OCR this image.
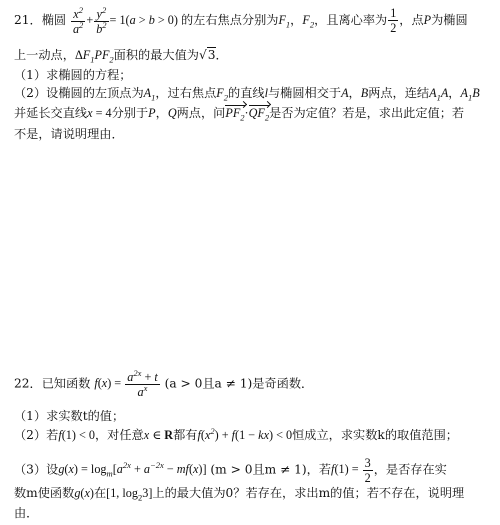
21．椭圆 $\frac{x^2}{a^2} + \frac{y^2}{b^2} = 1(a > b > 0)$ 的左右焦点分别为$F_1$，$F_2$，且离心率为 $\frac{1}{2}$ ，点P为椭圆
上一动点，$\Delta F_1PF_2$面积的最大值为√3．
（1）求椭圆的方程；
（2）设椭圆的左顶点为$A_1$，过右焦点$F_2$的直线l与椭圆相交于A，B两点，连结$A_1A$，$A_1B$
并延长交直线x = 4分别于P，Q两点，问$PF_2\cdot QF_2$是否为定值？若是，求出此定值；若
不是，请说明理由．
22．已知函数 $f(x) = \frac{a^{2x} + t}{a^x} (a > 0$且a ≠ 1)是奇函数．
（1）求实数t的值；
（2）若f(1) < 0，对任意x ∈ R都有$f(x^2) + f(1 - kx) < 0$恒成立，求实数k的取值范围；
（3）设$g(x) = \log_m[a^{2x} + a^{-2x} - mf(x)] (m > 0$且m ≠ 1)，若$f(1) = \frac{3}{2}$ ，是否存在实
数m使函数g(x)在[1, $\log_23$]上的最大值为0？若存在，求出m的值；若不存在，说明理
由．
